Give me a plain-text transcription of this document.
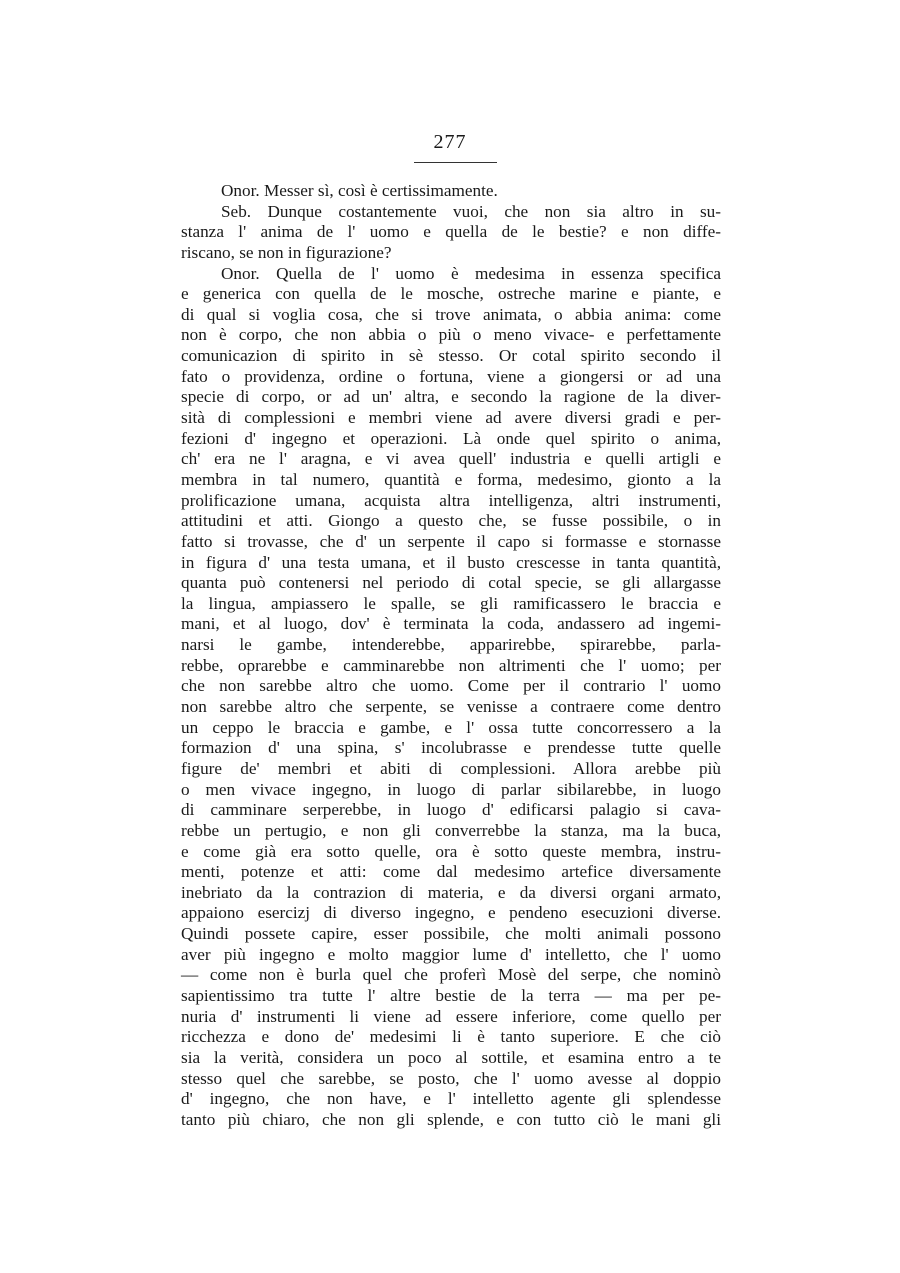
277
Onor. Messer sì, così è certissimamente.
Seb. Dunque costantemente vuoi, che non sia altro in su-
stanza l' anima de l' uomo e quella de le bestie? e non diffe-
riscano, se non in figurazione?
Onor. Quella de l' uomo è medesima in essenza specifica
e generica con quella de le mosche, ostreche marine e piante, e
di qual si voglia cosa, che si trove animata, o abbia anima: come
non è corpo, che non abbia o più o meno vivace- e perfettamente
comunicazion di spirito in sè stesso. Or cotal spirito secondo il
fato o providenza, ordine o fortuna, viene a giongersi or ad una
specie di corpo, or ad un' altra, e secondo la ragione de la diver-
sità di complessioni e membri viene ad avere diversi gradi e per-
fezioni d' ingegno et operazioni. Là onde quel spirito o anima,
ch' era ne l' aragna, e vi avea quell' industria e quelli artigli e
membra in tal numero, quantità e forma, medesimo, gionto a la
prolificazione umana, acquista altra intelligenza, altri instrumenti,
attitudini et atti. Giongo a questo che, se fusse possibile, o in
fatto si trovasse, che d' un serpente il capo si formasse e stornasse
in figura d' una testa umana, et il busto crescesse in tanta quantità,
quanta può contenersi nel periodo di cotal specie, se gli allargasse
la lingua, ampiassero le spalle, se gli ramificassero le braccia e
mani, et al luogo, dov' è terminata la coda, andassero ad ingemi-
narsi le gambe, intenderebbe, apparirebbe, spirarebbe, parla-
rebbe, oprarebbe e camminarebbe non altrimenti che l' uomo; per
che non sarebbe altro che uomo. Come per il contrario l' uomo
non sarebbe altro che serpente, se venisse a contraere come dentro
un ceppo le braccia e gambe, e l' ossa tutte concorressero a la
formazion d' una spina, s' incolubrasse e prendesse tutte quelle
figure de' membri et abiti di complessioni. Allora arebbe più
o men vivace ingegno, in luogo di parlar sibilarebbe, in luogo
di camminare serperebbe, in luogo d' edificarsi palagio si cava-
rebbe un pertugio, e non gli converrebbe la stanza, ma la buca,
e come già era sotto quelle, ora è sotto queste membra, instru-
menti, potenze et atti: come dal medesimo artefice diversamente
inebriato da la contrazion di materia, e da diversi organi armato,
appaiono esercizj di diverso ingegno, e pendeno esecuzioni diverse.
Quindi possete capire, esser possibile, che molti animali possono
aver più ingegno e molto maggior lume d' intelletto, che l' uomo
— come non è burla quel che proferì Mosè del serpe, che nominò
sapientissimo tra tutte l' altre bestie de la terra — ma per pe-
nuria d' instrumenti li viene ad essere inferiore, come quello per
ricchezza e dono de' medesimi li è tanto superiore. E che ciò
sia la verità, considera un poco al sottile, et esamina entro a te
stesso quel che sarebbe, se posto, che l' uomo avesse al doppio
d' ingegno, che non have, e l' intelletto agente gli splendesse
tanto più chiaro, che non gli splende, e con tutto ciò le mani gli
